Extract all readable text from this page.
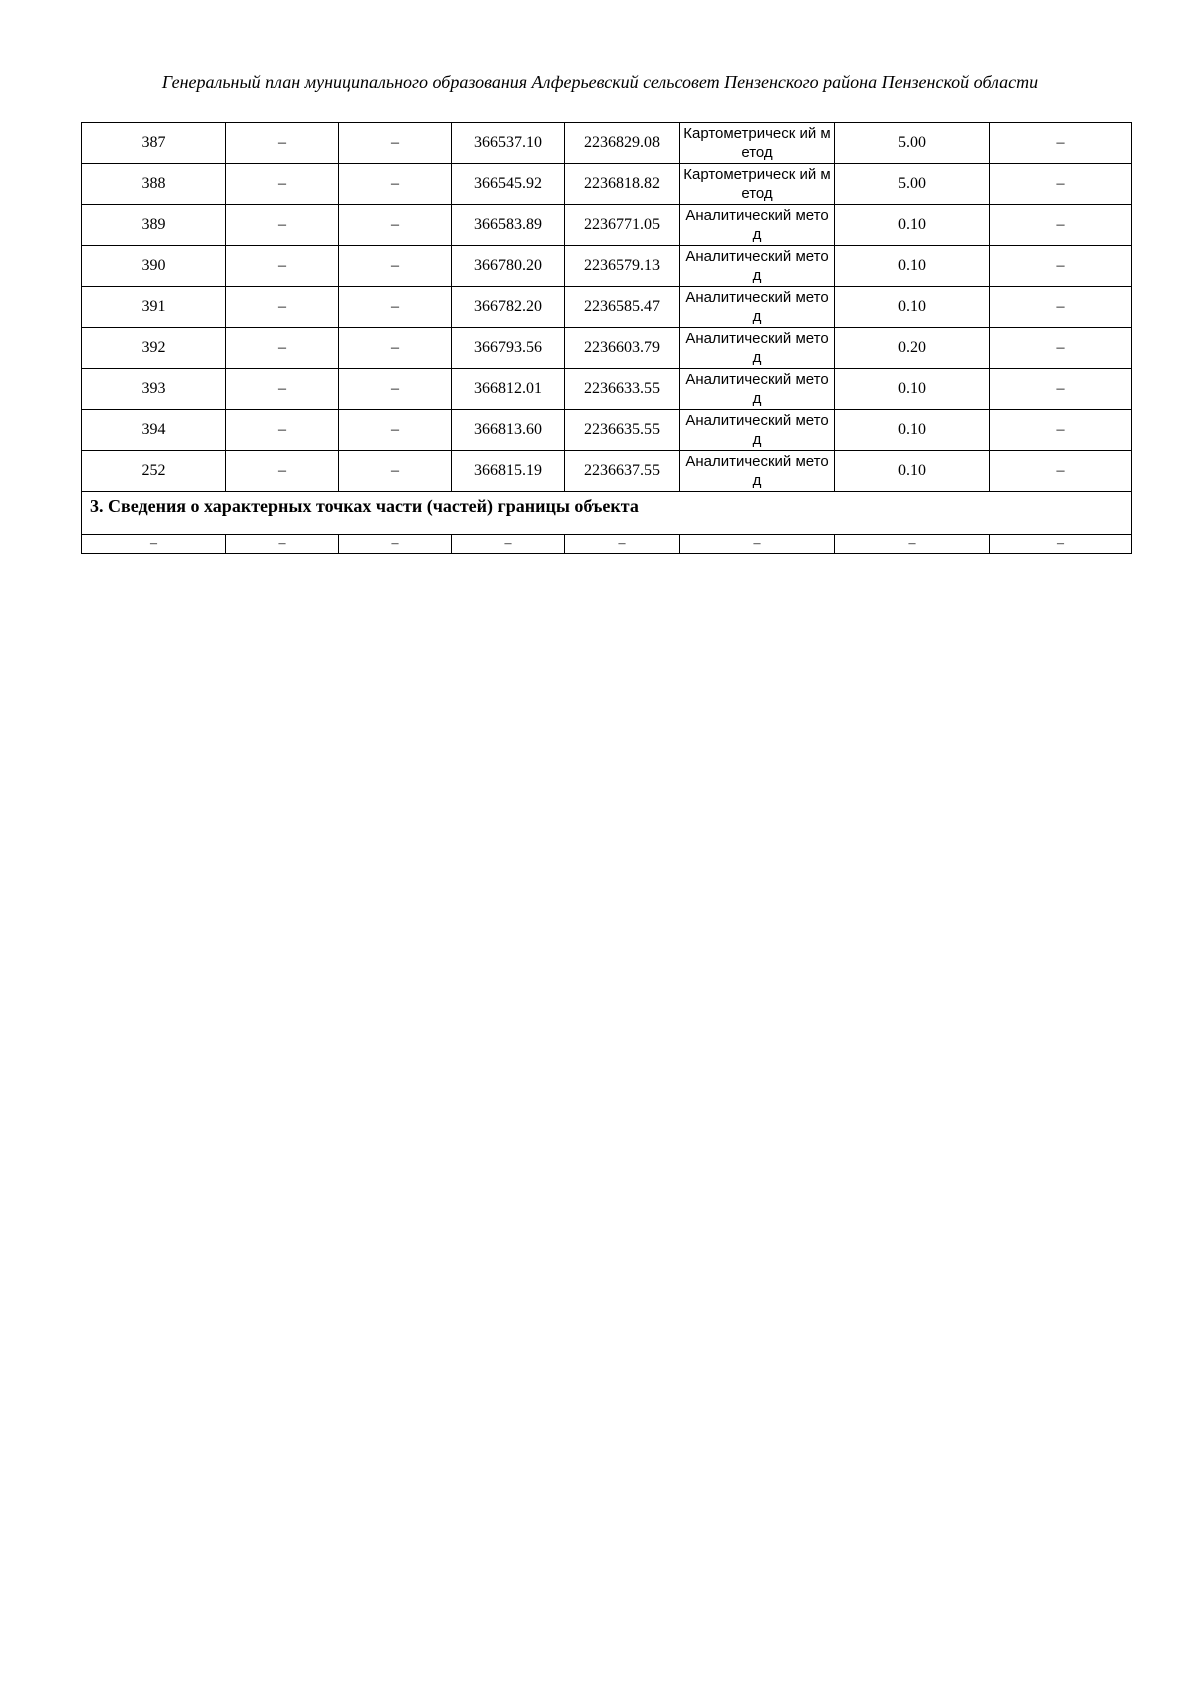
Генеральный план муниципального образования Алферьевский сельсовет Пензенского района Пензенской области
387	–	–	366537.10	2236829.08	Картометрическ ий метод	5.00	–
388	–	–	366545.92	2236818.82	Картометрическ ий метод	5.00	–
389	–	–	366583.89	2236771.05	Аналитический метод	0.10	–
390	–	–	366780.20	2236579.13	Аналитический метод	0.10	–
391	–	–	366782.20	2236585.47	Аналитический метод	0.10	–
392	–	–	366793.56	2236603.79	Аналитический метод	0.20	–
393	–	–	366812.01	2236633.55	Аналитический метод	0.10	–
394	–	–	366813.60	2236635.55	Аналитический метод	0.10	–
252	–	–	366815.19	2236637.55	Аналитический метод	0.10	–
3. Сведения о характерных точках части (частей) границы объекта							
–	–	–	–	–	–	–	–
